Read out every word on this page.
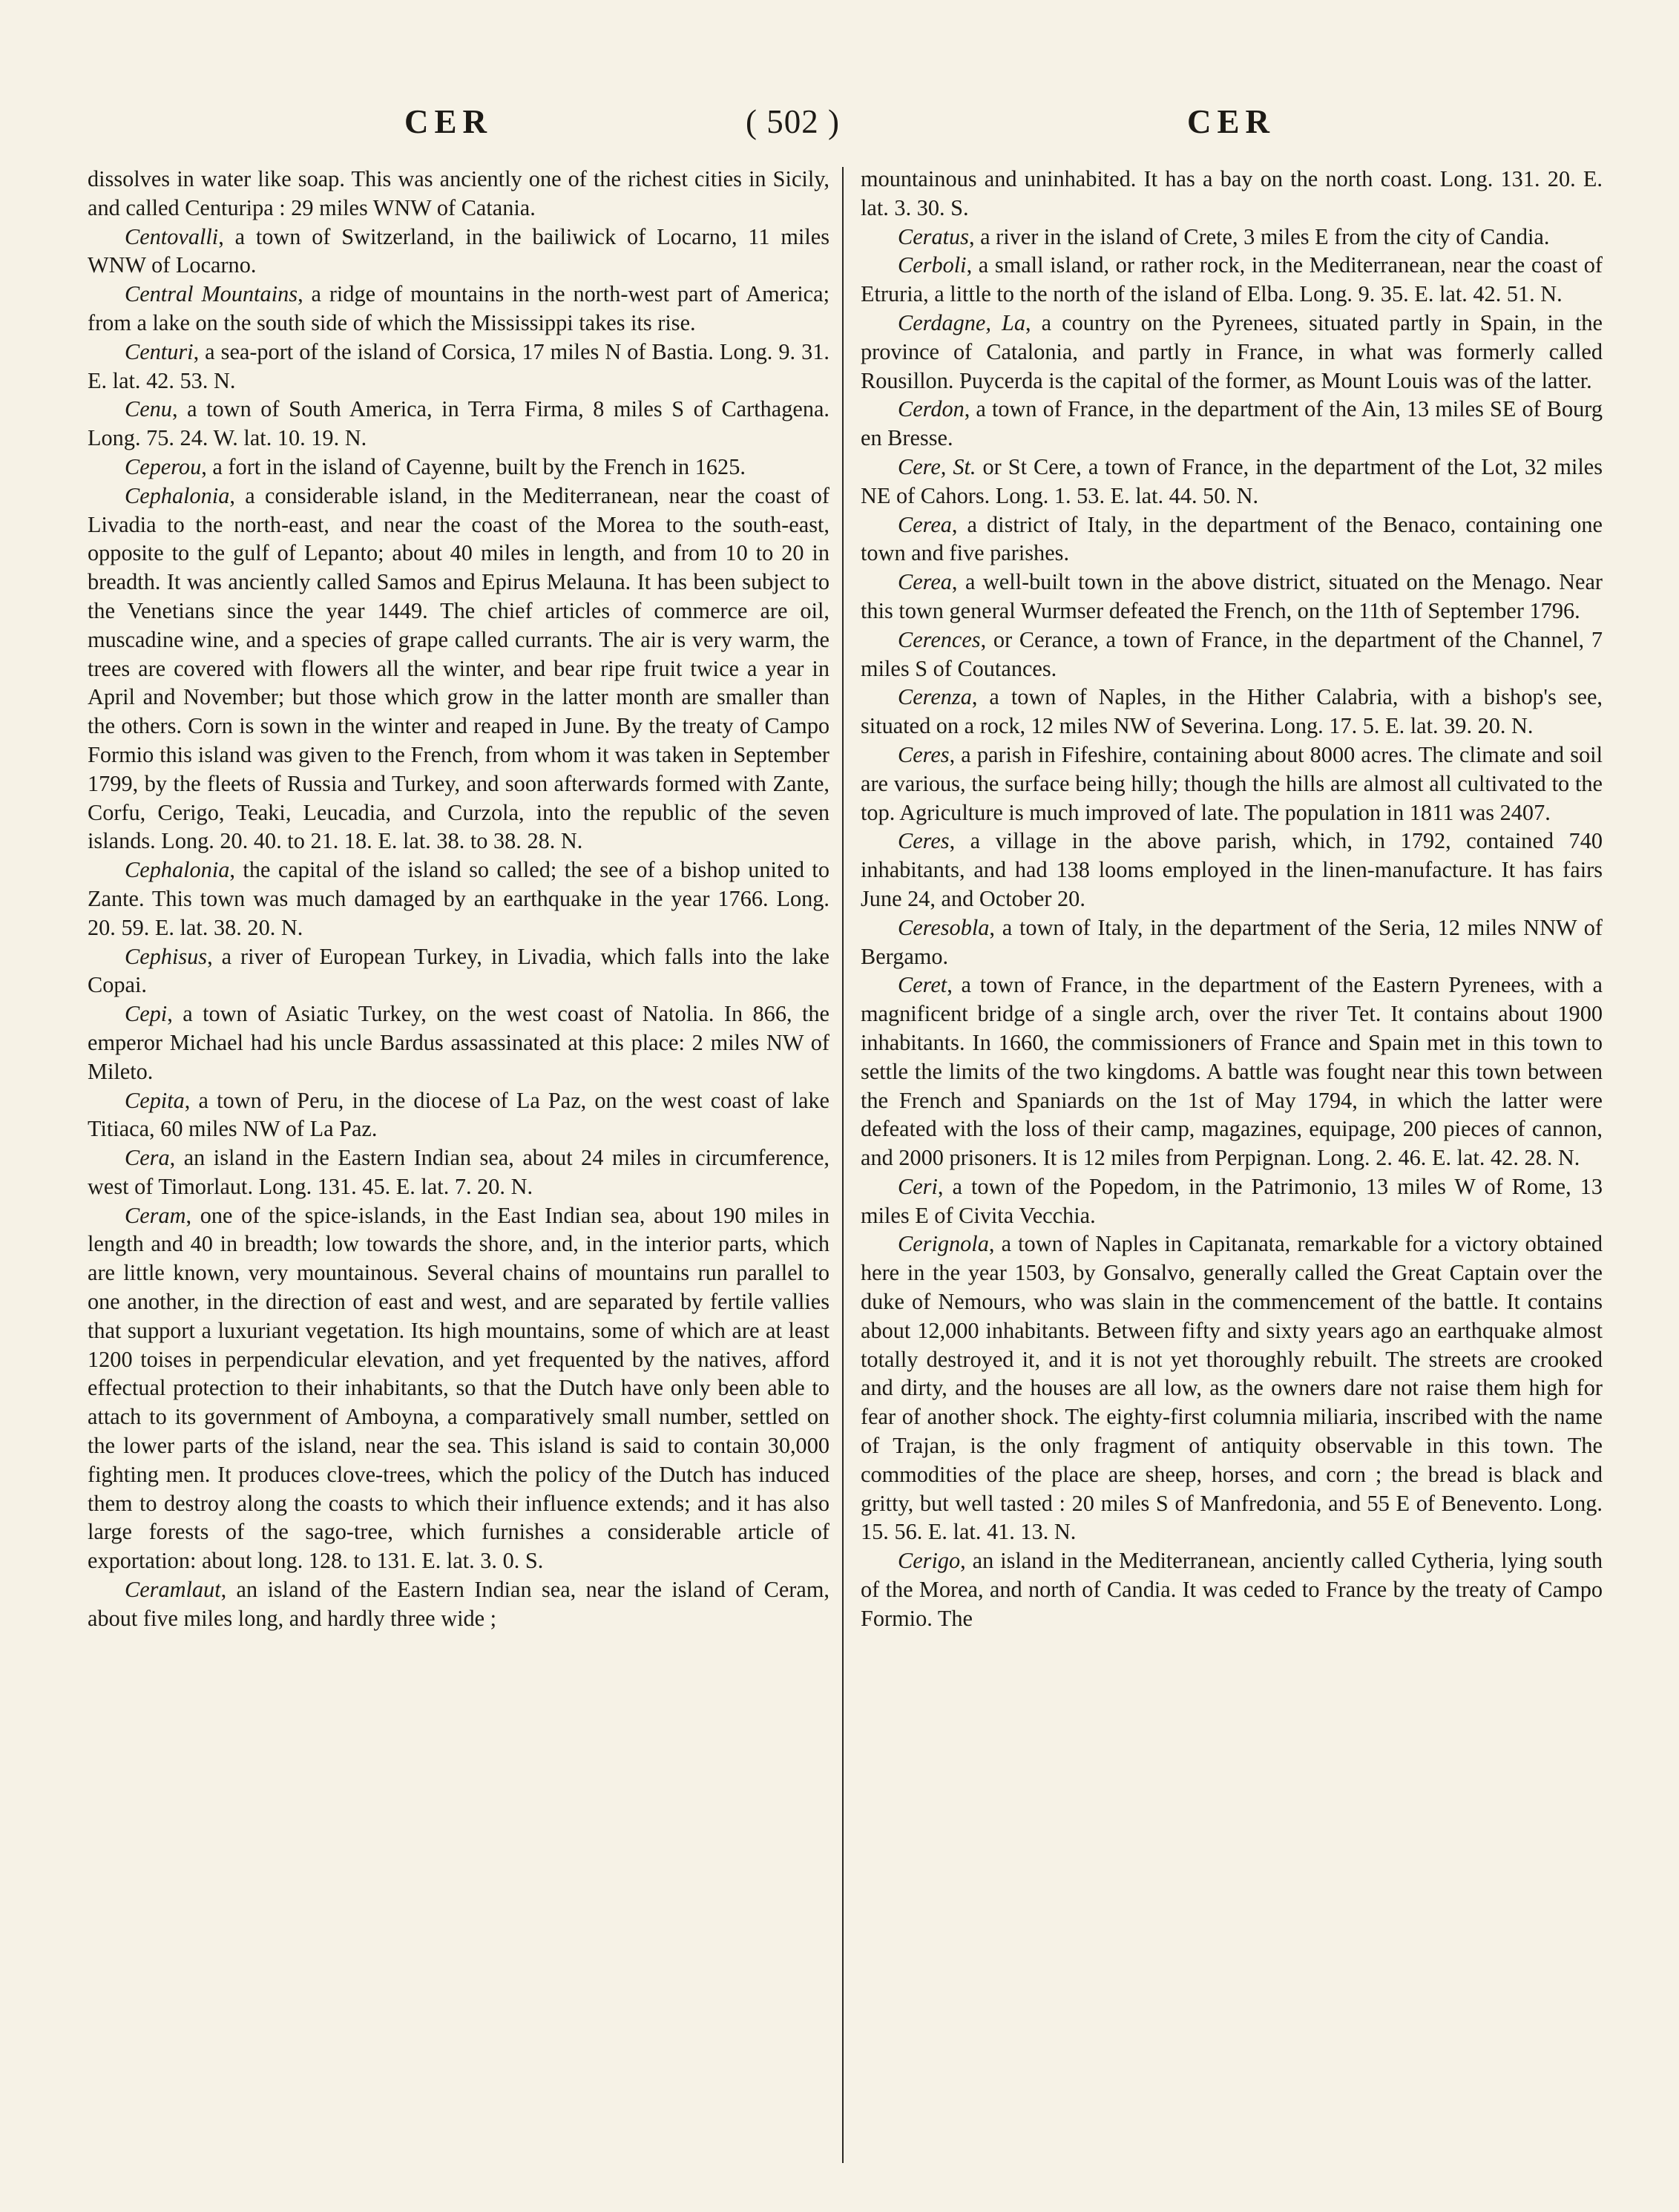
CER	( 502 )	CER

dissolves in water like soap. This was anciently one of the richest cities in Sicily, and called Centuripa : 29 miles WNW of Catania.

Centovalli, a town of Switzerland, in the bailiwick of Locarno, 11 miles WNW of Locarno.

Central Mountains, a ridge of mountains in the north-west part of America; from a lake on the south side of which the Mississippi takes its rise.

Centuri, a sea-port of the island of Corsica, 17 miles N of Bastia. Long. 9. 31. E. lat. 42. 53. N.

Cenu, a town of South America, in Terra Firma, 8 miles S of Carthagena. Long. 75. 24. W. lat. 10. 19. N.

Ceperou, a fort in the island of Cayenne, built by the French in 1625.

Cephalonia, a considerable island, in the Mediterranean, near the coast of Livadia to the north-east, and near the coast of the Morea to the south-east, opposite to the gulf of Lepanto; about 40 miles in length, and from 10 to 20 in breadth. It was anciently called Samos and Epirus Melauna. It has been subject to the Venetians since the year 1449. The chief articles of commerce are oil, muscadine wine, and a species of grape called currants. The air is very warm, the trees are covered with flowers all the winter, and bear ripe fruit twice a year in April and November; but those which grow in the latter month are smaller than the others. Corn is sown in the winter and reaped in June. By the treaty of Campo Formio this island was given to the French, from whom it was taken in September 1799, by the fleets of Russia and Turkey, and soon afterwards formed with Zante, Corfu, Cerigo, Teaki, Leucadia, and Curzola, into the republic of the seven islands. Long. 20. 40. to 21. 18. E. lat. 38. to 38. 28. N.

Cephalonia, the capital of the island so called; the see of a bishop united to Zante. This town was much damaged by an earthquake in the year 1766. Long. 20. 59. E. lat. 38. 20. N.

Cephisus, a river of European Turkey, in Livadia, which falls into the lake Copai.

Cepi, a town of Asiatic Turkey, on the west coast of Natolia. In 866, the emperor Michael had his uncle Bardus assassinated at this place: 2 miles NW of Mileto.

Cepita, a town of Peru, in the diocese of La Paz, on the west coast of lake Titiaca, 60 miles NW of La Paz.

Cera, an island in the Eastern Indian sea, about 24 miles in circumference, west of Timorlaut. Long. 131. 45. E. lat. 7. 20. N.

Ceram, one of the spice-islands, in the East Indian sea, about 190 miles in length and 40 in breadth; low towards the shore, and, in the interior parts, which are little known, very mountainous. Several chains of mountains run parallel to one another, in the direction of east and west, and are separated by fertile vallies that support a luxuriant vegetation. Its high mountains, some of which are at least 1200 toises in perpendicular elevation, and yet frequented by the natives, afford effectual protection to their inhabitants, so that the Dutch have only been able to attach to its government of Amboyna, a comparatively small number, settled on the lower parts of the island, near the sea. This island is said to contain 30,000 fighting men. It produces clove-trees, which the policy of the Dutch has induced them to destroy along the coasts to which their influence extends; and it has also large forests of the sago-tree, which furnishes a considerable article of exportation: about long. 128. to 131. E. lat. 3. 0. S.

Ceramlaut, an island of the Eastern Indian sea, near the island of Ceram, about five miles long, and hardly three wide ;

mountainous and uninhabited. It has a bay on the north coast. Long. 131. 20. E. lat. 3. 30. S.

Ceratus, a river in the island of Crete, 3 miles E from the city of Candia.

Cerboli, a small island, or rather rock, in the Mediterranean, near the coast of Etruria, a little to the north of the island of Elba. Long. 9. 35. E. lat. 42. 51. N.

Cerdagne, La, a country on the Pyrenees, situated partly in Spain, in the province of Catalonia, and partly in France, in what was formerly called Rousillon. Puycerda is the capital of the former, as Mount Louis was of the latter.

Cerdon, a town of France, in the department of the Ain, 13 miles SE of Bourg en Bresse.

Cere, St. or St Cere, a town of France, in the department of the Lot, 32 miles NE of Cahors. Long. 1. 53. E. lat. 44. 50. N.

Cerea, a district of Italy, in the department of the Benaco, containing one town and five parishes.

Cerea, a well-built town in the above district, situated on the Menago. Near this town general Wurmser defeated the French, on the 11th of September 1796.

Cerences, or Cerance, a town of France, in the department of the Channel, 7 miles S of Coutances.

Cerenza, a town of Naples, in the Hither Calabria, with a bishop's see, situated on a rock, 12 miles NW of Severina. Long. 17. 5. E. lat. 39. 20. N.

Ceres, a parish in Fifeshire, containing about 8000 acres. The climate and soil are various, the surface being hilly; though the hills are almost all cultivated to the top. Agriculture is much improved of late. The population in 1811 was 2407.

Ceres, a village in the above parish, which, in 1792, contained 740 inhabitants, and had 138 looms employed in the linen-manufacture. It has fairs June 24, and October 20.

Ceresobla, a town of Italy, in the department of the Seria, 12 miles NNW of Bergamo.

Ceret, a town of France, in the department of the Eastern Pyrenees, with a magnificent bridge of a single arch, over the river Tet. It contains about 1900 inhabitants. In 1660, the commissioners of France and Spain met in this town to settle the limits of the two kingdoms. A battle was fought near this town between the French and Spaniards on the 1st of May 1794, in which the latter were defeated with the loss of their camp, magazines, equipage, 200 pieces of cannon, and 2000 prisoners. It is 12 miles from Perpignan. Long. 2. 46. E. lat. 42. 28. N.

Ceri, a town of the Popedom, in the Patrimonio, 13 miles W of Rome, 13 miles E of Civita Vecchia.

Cerignola, a town of Naples in Capitanata, remarkable for a victory obtained here in the year 1503, by Gonsalvo, generally called the Great Captain over the duke of Nemours, who was slain in the commencement of the battle. It contains about 12,000 inhabitants. Between fifty and sixty years ago an earthquake almost totally destroyed it, and it is not yet thoroughly rebuilt. The streets are crooked and dirty, and the houses are all low, as the owners dare not raise them high for fear of another shock. The eighty-first columnia miliaria, inscribed with the name of Trajan, is the only fragment of antiquity observable in this town. The commodities of the place are sheep, horses, and corn ; the bread is black and gritty, but well tasted : 20 miles S of Manfredonia, and 55 E of Benevento. Long. 15. 56. E. lat. 41. 13. N.

Cerigo, an island in the Mediterranean, anciently called Cytheria, lying south of the Morea, and north of Candia. It was ceded to France by the treaty of Campo Formio. The
